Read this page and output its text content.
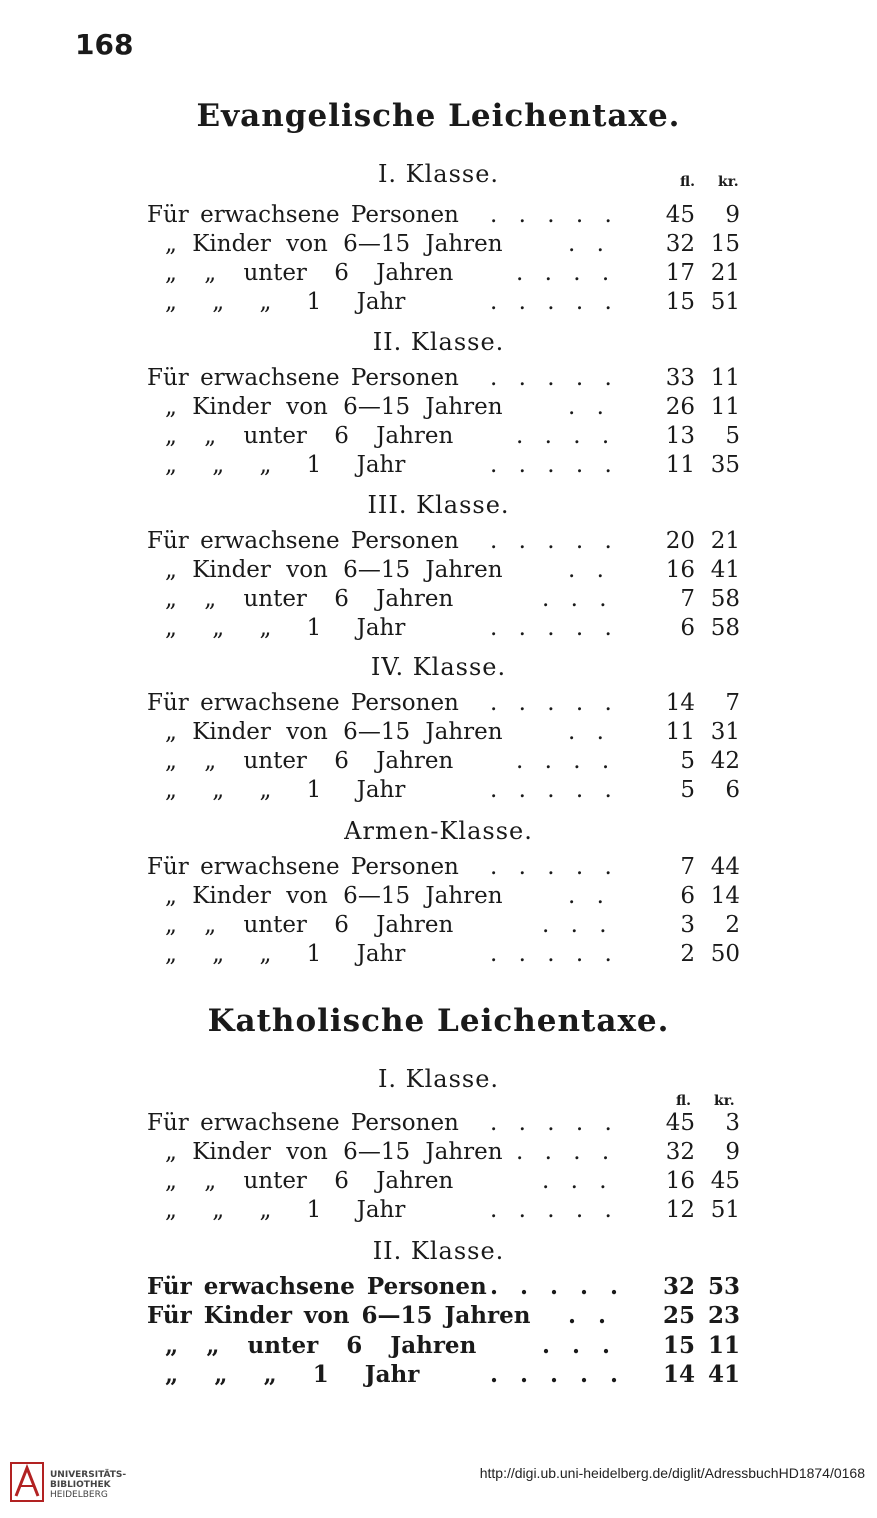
168
Evangelische Leichentaxe.
I. Klasse.	fl. kr.
II. Klasse.
III. Klasse.
IV. Klasse.
Armen-Klasse.
Katholische Leichentaxe.
I. Klasse.
fl. kr.
II. Klasse.
Für erwachsene Personen . . . . .	45	9
„ Kinder von 6—15 Jahren	. .	32 15
„ „ unter 6 Jahren	. . . .	17 21
„ „ „ 1 Jahr	. . . . .	15 51
Für erwachsene Personen . . . . .	33 11
„ Kinder von 6—15 Jahren	. .	26 11
„ „ unter 6 Jahren	. . . .	13	5
„ „ „ 1 Jahr	. . . . .	11 35
Für erwachsene Personen . . . . .	20 21
„ Kinder von 6—15 Jahren	. .	16 41
„ „ unter 6 Jahren	. . .	7 58
„ „ „ 1 Jahr	. . . . .	6 58
Für erwachsene Personen . . . . .	14	7
„ Kinder von 6—15 Jahren	. .	11 31
„ „ unter 6 Jahren	. . . .	5 42
„ „ „ 1 Jahr	. . . . .	5	6
Für erwachsene Personen . . . . .	7 44
„ Kinder von 6—15 Jahren	. .	6 14
„ „ unter 6 Jahren	. . .	3	2
„ „ „ 1 Jahr	. . . . .	2 50
Für erwachsene Personen . . . . .	45	3
„ Kinder von 6—15 Jahren . . . .	32	9
„ „ unter 6 Jahren	. . .	16 45
„ „ „ 1 Jahr	. . . . .	12 51
Für erwachsene Personen . . . . .	32 53
Für Kinder von 6—15 Jahren . .	25 23
„ „ unter 6 Jahren	. . .	15 11
„ „ „ 1 Jahr	. . . . .	14 41
UNIVERSITÄTS-
BIBLIOTHEK
HEIDELBERG
http://digi.ub.uni-heidelberg.de/diglit/AdressbuchHD1874/0168
